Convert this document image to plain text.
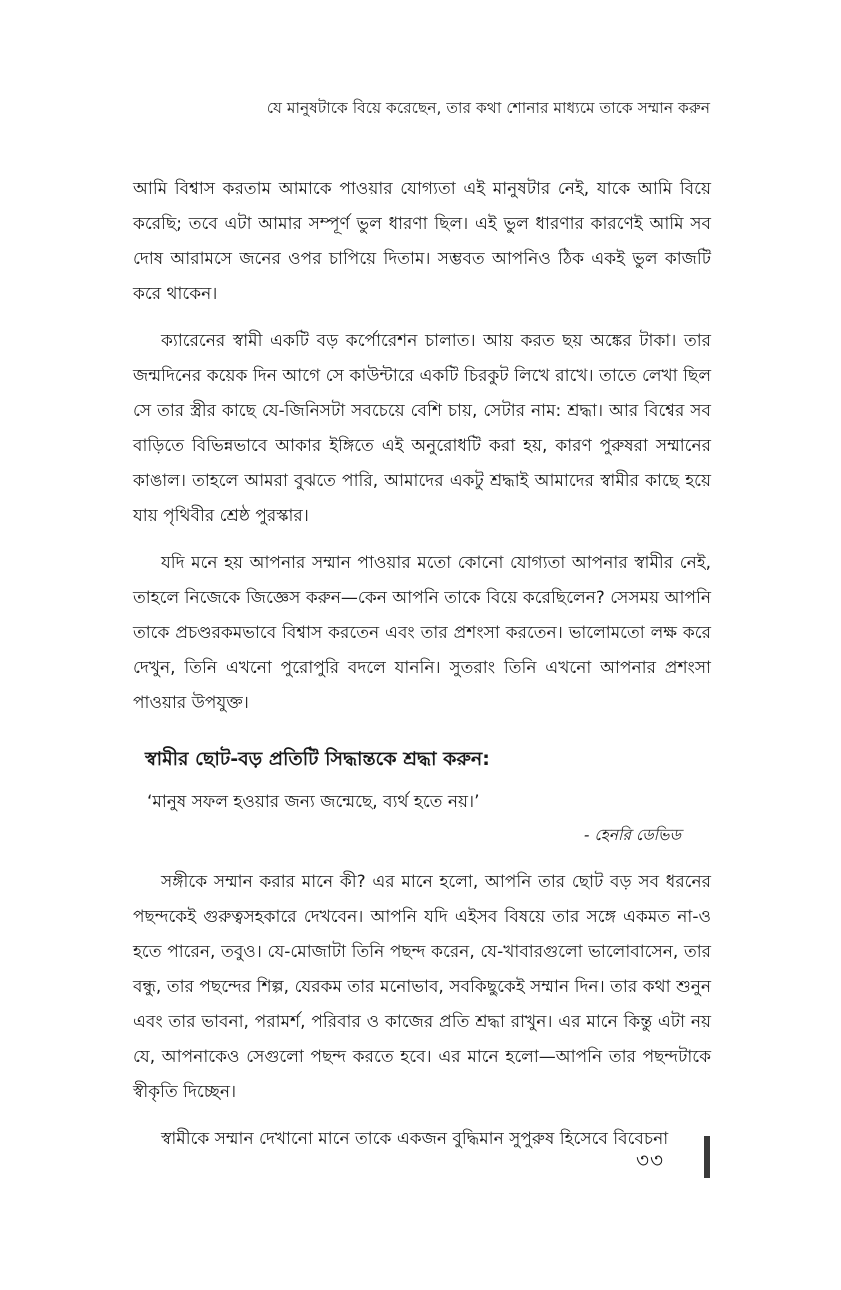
যে মানুষটাকে বিয়ে করেছেন, তার কথা শোনার মাধ্যমে তাকে সম্মান করুন

আমি বিশ্বাস করতাম আমাকে পাওয়ার যোগ্যতা এই মানুষটার নেই, যাকে আমি বিয়ে করেছি; তবে এটা আমার সম্পূর্ণ ভুল ধারণা ছিল। এই ভুল ধারণার কারণেই আমি সব দোষ আরামসে জনের ওপর চাপিয়ে দিতাম। সম্ভবত আপনিও ঠিক একই ভুল কাজটি করে থাকেন।

ক্যারেনের স্বামী একটি বড় কর্পোরেশন চালাত। আয় করত ছয় অঙ্কের টাকা। তার জন্মদিনের কয়েক দিন আগে সে কাউন্টারে একটি চিরকুট লিখে রাখে। তাতে লেখা ছিল সে তার স্ত্রীর কাছে যে-জিনিসটা সবচেয়ে বেশি চায়, সেটার নাম: শ্রদ্ধা। আর বিশ্বের সব বাড়িতে বিভিন্নভাবে আকার ইঙ্গিতে এই অনুরোধটি করা হয়, কারণ পুরুষরা সম্মানের কাঙাল। তাহলে আমরা বুঝতে পারি, আমাদের একটু শ্রদ্ধাই আমাদের স্বামীর কাছে হয়ে যায় পৃথিবীর শ্রেষ্ঠ পুরস্কার।

যদি মনে হয় আপনার সম্মান পাওয়ার মতো কোনো যোগ্যতা আপনার স্বামীর নেই, তাহলে নিজেকে জিজ্ঞেস করুন—কেন আপনি তাকে বিয়ে করেছিলেন? সেসময় আপনি তাকে প্রচণ্ডরকমভাবে বিশ্বাস করতেন এবং তার প্রশংসা করতেন। ভালোমতো লক্ষ করে দেখুন, তিনি এখনো পুরোপুরি বদলে যাননি। সুতরাং তিনি এখনো আপনার প্রশংসা পাওয়ার উপযুক্ত।

স্বামীর ছোট-বড় প্রতিটি সিদ্ধান্তকে শ্রদ্ধা করুন:
‘মানুষ সফল হওয়ার জন্য জন্মেছে, ব্যর্থ হতে নয়।’
- হেনরি ডেভিড

সঙ্গীকে সম্মান করার মানে কী? এর মানে হলো, আপনি তার ছোট বড় সব ধরনের পছন্দকেই গুরুত্বসহকারে দেখবেন। আপনি যদি এইসব বিষয়ে তার সঙ্গে একমত না-ও হতে পারেন, তবুও। যে-মোজাটা তিনি পছন্দ করেন, যে-খাবারগুলো ভালোবাসেন, তার বন্ধু, তার পছন্দের শিল্প, যেরকম তার মনোভাব, সবকিছুকেই সম্মান দিন। তার কথা শুনুন এবং তার ভাবনা, পরামর্শ, পরিবার ও কাজের প্রতি শ্রদ্ধা রাখুন। এর মানে কিন্তু এটা নয় যে, আপনাকেও সেগুলো পছন্দ করতে হবে। এর মানে হলো—আপনি তার পছন্দটাকে স্বীকৃতি দিচ্ছেন।

স্বামীকে সম্মান দেখানো মানে তাকে একজন বুদ্ধিমান সুপুরুষ হিসেবে বিবেচনা

৩৩
